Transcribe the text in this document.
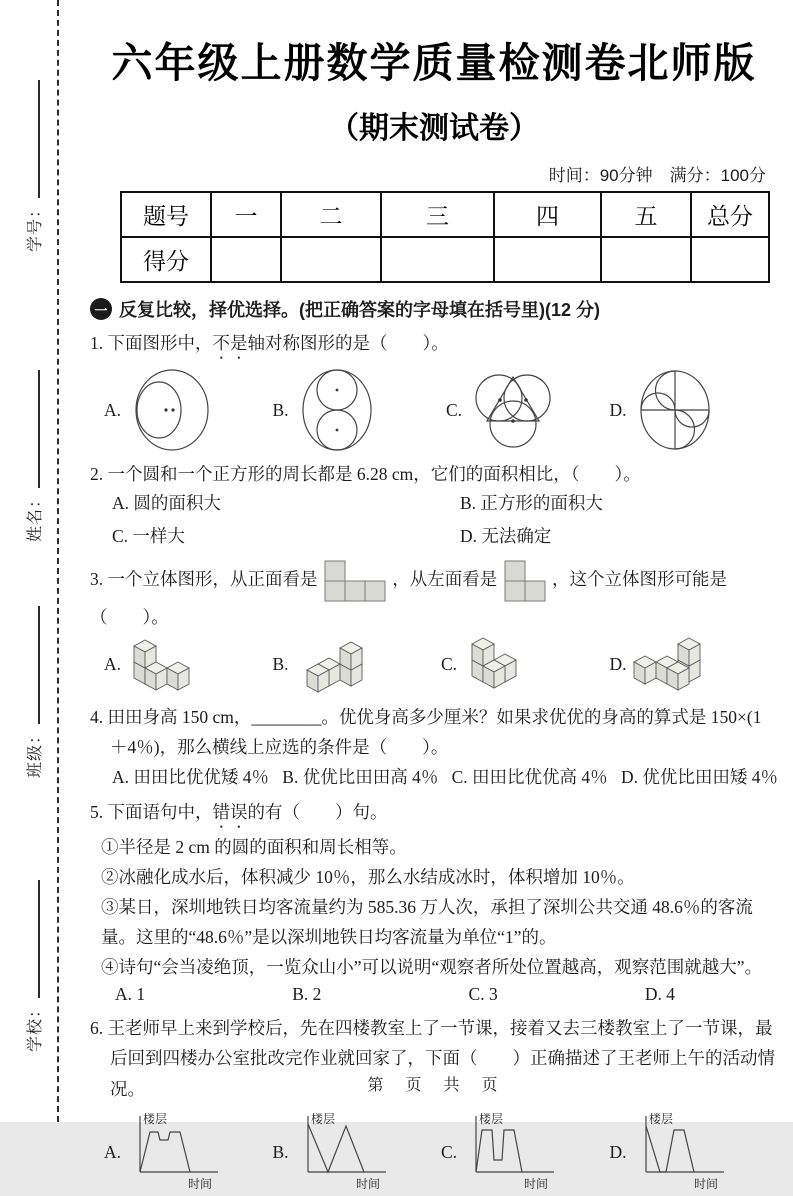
学号：
姓名：
班级：
学校：
六年级上册数学质量检测卷北师版
（期末测试卷）
时间：90分钟　满分：100分
题号	一	二	三	四	五	总分
得分						
一 反复比较，择优选择。(把正确答案的字母填在括号里)(12 分)

1. 下面图形中，不是轴对称图形的是（　　）。

A.	B.	C.	D.

2. 一个圆和一个正方形的周长都是 6.28 cm，它们的面积相比，（　　）。

A. 圆的面积大	B. 正方形的面积大
C. 一样大	D. 无法确定

3. 一个立体图形，从正面看是	，从左面看是	，这个立体图形可能是（　　）。

A.	B.	C.	D.

4. 田田身高 150 cm，________。优优身高多少厘米？如果求优优的身高的算式是 150×(1＋4％)，那么横线上应选的条件是（　　）。

A. 田田比优优矮 4％ B. 优优比田田高 4％ C. 田田比优优高 4％ D. 优优比田田矮 4％

5. 下面语句中，错误的有（　　）句。

①半径是 2 cm 的圆的面积和周长相等。

②冰融化成水后，体积减少 10％，那么水结成冰时，体积增加 10％。

③某日，深圳地铁日均客流量约为 585.36 万人次，承担了深圳公共交通 48.6％的客流量。这里的“48.6％”是以深圳地铁日均客流量为单位“1”的。

④诗句“会当凌绝顶，一览众山小”可以说明“观察者所处位置越高，观察范围就越大”。

A. 1	B. 2	C. 3	D. 4

6. 王老师早上来到学校后，先在四楼教室上了一节课，接着又去三楼教室上了一节课，最后回到四楼办公室批改完作业就回家了，下面（　　）正确描述了王老师上午的活动情况。

A.
楼层
时间
B.
楼层
时间
C.
楼层
时间
D.
楼层
时间
第　页　共　页
